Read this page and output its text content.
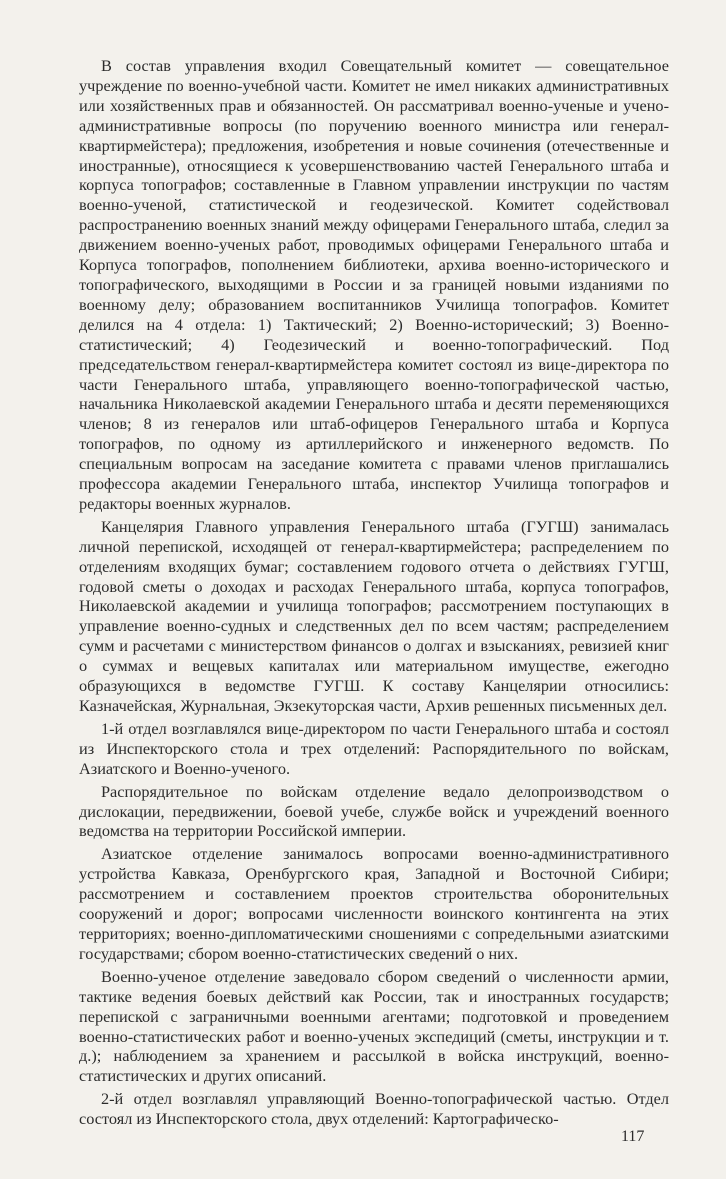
В состав управления входил Совещательный комитет — совещательное учреждение по военно-учебной части. Комитет не имел никаких административных или хозяйственных прав и обязанностей. Он рассматривал военно-ученые и учено-административные вопросы (по поручению военного министра или генерал-квартирмейстера); предложения, изобретения и новые сочинения (отечественные и иностранные), относящиеся к усовершенствованию частей Генерального штаба и корпуса топографов; составленные в Главном управлении инструкции по частям военно-ученой, статистической и геодезической. Комитет содействовал распространению военных знаний между офицерами Генерального штаба, следил за движением военно-ученых работ, проводимых офицерами Генерального штаба и Корпуса топографов, пополнением библиотеки, архива военно-исторического и топографического, выходящими в России и за границей новыми изданиями по военному делу; образованием воспитанников Училища топографов. Комитет делился на 4 отдела: 1) Тактический; 2) Военно-исторический; 3) Военно-статистический; 4) Геодезический и военно-топографический. Под председательством генерал-квартирмейстера комитет состоял из вице-директора по части Генерального штаба, управляющего военно-топографической частью, начальника Николаевской академии Генерального штаба и десяти переменяющихся членов; 8 из генералов или штаб-офицеров Генерального штаба и Корпуса топографов, по одному из артиллерийского и инженерного ведомств. По специальным вопросам на заседание комитета с правами членов приглашались профессора академии Генерального штаба, инспектор Училища топографов и редакторы военных журналов.

Канцелярия Главного управления Генерального штаба (ГУГШ) занималась личной перепиской, исходящей от генерал-квартирмейстера; распределением по отделениям входящих бумаг; составлением годового отчета о действиях ГУГШ, годовой сметы о доходах и расходах Генерального штаба, корпуса топографов, Николаевской академии и училища топографов; рассмотрением поступающих в управление военно-судных и следственных дел по всем частям; распределением сумм и расчетами с министерством финансов о долгах и взысканиях, ревизией книг о суммах и вещевых капиталах или материальном имуществе, ежегодно образующихся в ведомстве ГУГШ. К составу Канцелярии относились: Казначейская, Журнальная, Экзекуторская части, Архив решенных письменных дел.

1-й отдел возглавлялся вице-директором по части Генерального штаба и состоял из Инспекторского стола и трех отделений: Распорядительного по войскам, Азиатского и Военно-ученого.

Распорядительное по войскам отделение ведало делопроизводством о дислокации, передвижении, боевой учебе, службе войск и учреждений военного ведомства на территории Российской империи.

Азиатское отделение занималось вопросами военно-административного устройства Кавказа, Оренбургского края, Западной и Восточной Сибири; рассмотрением и составлением проектов строительства оборонительных сооружений и дорог; вопросами численности воинского контингента на этих территориях; военно-дипломатическими сношениями с сопредельными азиатскими государствами; сбором военно-статистических сведений о них.

Военно-ученое отделение заведовало сбором сведений о численности армии, тактике ведения боевых действий как России, так и иностранных государств; перепиской с заграничными военными агентами; подготовкой и проведением военно-статистических работ и военно-ученых экспедиций (сметы, инструкции и т. д.); наблюдением за хранением и рассылкой в войска инструкций, военно-статистических и других описаний.

2-й отдел возглавлял управляющий Военно-топографической частью. Отдел состоял из Инспекторского стола, двух отделений: Картографическо-

117
